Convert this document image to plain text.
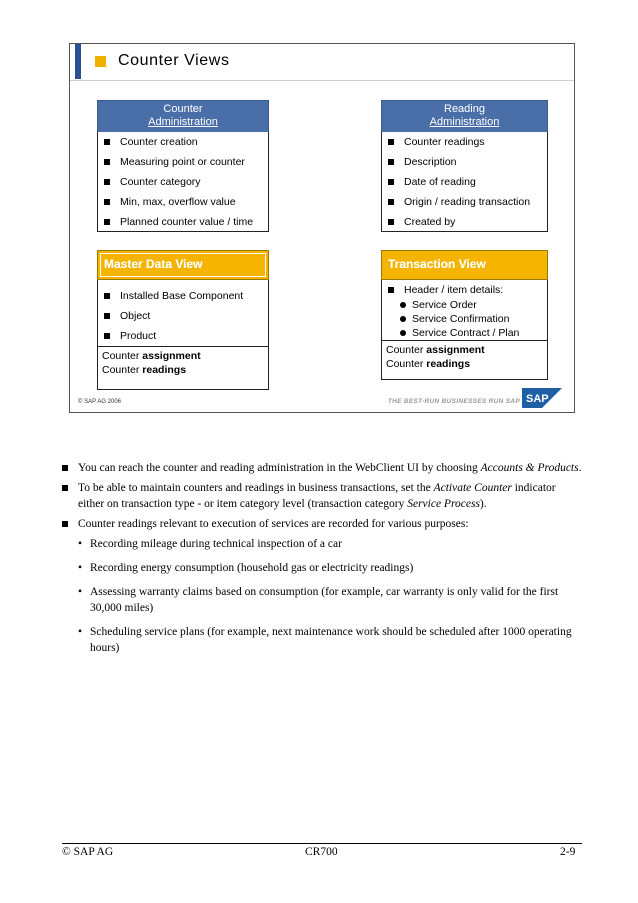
Counter Views
Counter
Administration
Counter creation
Measuring point or counter
Counter category
Min, max, overflow value
Planned counter value / time
Reading
Administration
Counter readings
Description
Date of reading
Origin / reading transaction
Created by
Master Data View
Installed Base Component
Object
Product
Counter assignment
Counter readings
Transaction View
Header / item details:
Service Order
Service Confirmation
Service Contract / Plan
Counter assignment
Counter readings
© SAP AG 2006	THE BEST-RUN BUSINESSES RUN SAP SAP
You can reach the counter and reading administration in the WebClient UI by choosing Accounts & Products.
To be able to maintain counters and readings in business transactions, set the Activate Counter indicator either on transaction type - or item category level (transaction category Service Process).
Counter readings relevant to execution of services are recorded for various purposes:
• Recording mileage during technical inspection of a car
• Recording energy consumption (household gas or electricity readings)
• Assessing warranty claims based on consumption (for example, car warranty is only valid for the first 30,000 miles)
• Scheduling service plans (for example, next maintenance work should be scheduled after 1000 operating hours)
© SAP AG	CR700	2-9
